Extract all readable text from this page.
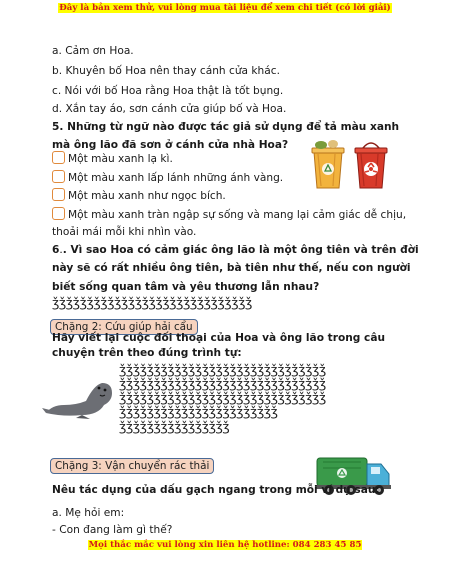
Đây là bản xem thử, vui lòng mua tài liệu để xem chi tiết (có lời giải)
a. Cảm ơn Hoa.
b. Khuyên bố Hoa nên thay cánh cửa khác.
c. Nói với bố Hoa rằng Hoa thật là tốt bụng.
d. Xắn tay áo, sơn cánh cửa giúp bố và Hoa.
5. Những từ ngữ nào được tác giả sử dụng để tả màu xanh
mà ông lão đã sơn ở cánh cửa nhà Hoa?
Một màu xanh lạ kì.
Một màu xanh lấp lánh những ánh vàng.
Một màu xanh như ngọc bích.
Một màu xanh tràn ngập sự sống và mang lại cảm giác dễ chịu,
thoải mái mỗi khi nhìn vào.
6.. Vì sao Hoa có cảm giác ông lão là một ông tiên và trên đời
này sẽ có rất nhiều ông tiên, bà tiên như thế, nếu con người
biết sống quan tâm và yêu thương lẫn nhau?
ǯǯǯǯǯǯǯǯǯǯǯǯǯǯǯǯǯǯǯǯǯǯǯǯǯǯǯǯǯ
Chặng 2: Cứu giúp hải cẩu
Hãy viết lại cuộc đối thoại của Hoa và ông lão trong câu
chuyện trên theo đúng trình tự:
ǯǯǯǯǯǯǯǯǯǯǯǯǯǯǯǯǯǯǯǯǯǯǯǯǯǯǯǯǯǯ
ǯǯǯǯǯǯǯǯǯǯǯǯǯǯǯǯǯǯǯǯǯǯǯǯǯǯǯǯǯǯ
ǯǯǯǯǯǯǯǯǯǯǯǯǯǯǯǯǯǯǯǯǯǯǯǯǯǯǯǯǯǯ
ǯǯǯǯǯǯǯǯǯǯǯǯǯǯǯǯǯǯǯǯǯǯǯ
ǯǯǯǯǯǯǯǯǯǯǯǯǯǯǯǯ
Chặng 3: Vận chuyển rác thải
Nêu tác dụng của dấu gạch ngang trong mỗi ví dụ sau:
a. Mẹ hỏi em:
- Con đang làm gì thế?
Mọi thắc mắc vui lòng xin liên hệ hotline: 084 283 45 85
